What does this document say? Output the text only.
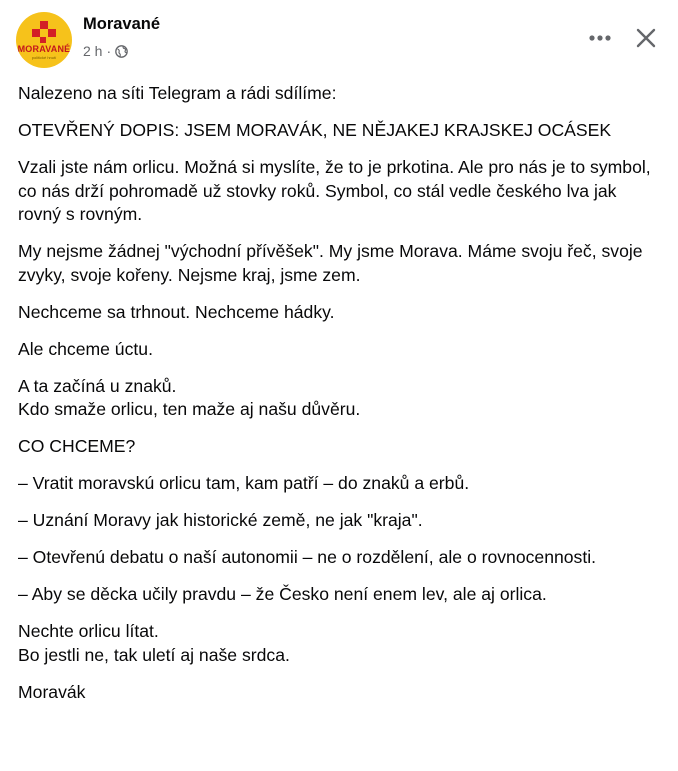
MORAVANÉ
politické hnutí
Moravané
2 h ·

Nalezeno na síti Telegram a rádi sdílíme:

OTEVŘENÝ DOPIS: JSEM MORAVÁK, NE NĚJAKEJ KRAJSKEJ OCÁSEK

Vzali jste nám orlicu. Možná si myslíte, že to je prkotina. Ale pro nás je to symbol, co nás drží pohromadě už stovky roků. Symbol, co stál vedle českého lva jak rovný s rovným.

My nejsme žádnej "východní přívěšek". My jsme Morava. Máme svoju řeč, svoje zvyky, svoje kořeny. Nejsme kraj, jsme zem.

Nechceme sa trhnout. Nechceme hádky.

Ale chceme úctu.

A ta začíná u znaků.
Kdo smaže orlicu, ten maže aj našu důvěru.

CO CHCEME?

– Vratit moravskú orlicu tam, kam patří – do znaků a erbů.

– Uznání Moravy jak historické země, ne jak "kraja".

– Otevřenú debatu o naší autonomii – ne o rozdělení, ale o rovnocennosti.

– Aby se děcka učily pravdu – že Česko není enem lev, ale aj orlica.

Nechte orlicu lítat.
Bo jestli ne, tak uletí aj naše srdca.

Moravák
